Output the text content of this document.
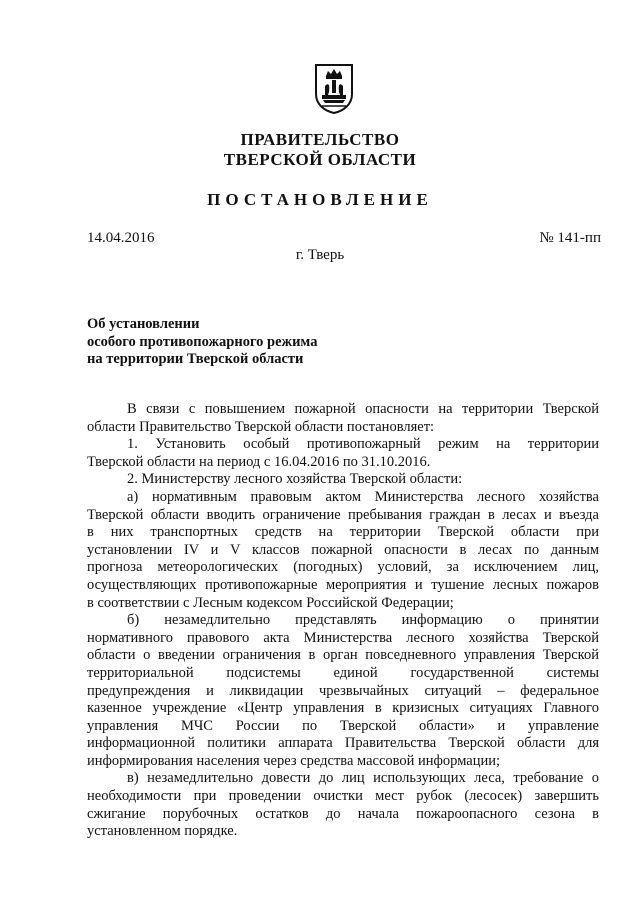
ПРАВИТЕЛЬСТВО
ТВЕРСКОЙ ОБЛАСТИ
ПОСТАНОВЛЕНИЕ
14.04.2016	№ 141-пп
г. Тверь
Об установлении
особого противопожарного режима
на территории Тверской области
В связи с повышением пожарной опасности на территории Тверской
области Правительство Тверской области постановляет:
1. Установить особый противопожарный режим на территории
Тверской области на период с 16.04.2016 по 31.10.2016.
2. Министерству лесного хозяйства Тверской области:
а) нормативным правовым актом Министерства лесного хозяйства
Тверской области вводить ограничение пребывания граждан в лесах и въезда
в них транспортных средств на территории Тверской области при
установлении IV и V классов пожарной опасности в лесах по данным
прогноза метеорологических (погодных) условий, за исключением лиц,
осуществляющих противопожарные мероприятия и тушение лесных пожаров
в соответствии с Лесным кодексом Российской Федерации;
б) незамедлительно представлять информацию о принятии
нормативного правового акта Министерства лесного хозяйства Тверской
области о введении ограничения в орган повседневного управления Тверской
территориальной подсистемы единой государственной системы
предупреждения и ликвидации чрезвычайных ситуаций – федеральное
казенное учреждение «Центр управления в кризисных ситуациях Главного
управления МЧС России по Тверской области» и управление
информационной политики аппарата Правительства Тверской области для
информирования населения через средства массовой информации;
в) незамедлительно довести до лиц использующих леса, требование о
необходимости при проведении очистки мест рубок (лесосек) завершить
сжигание порубочных остатков до начала пожароопасного сезона в
установленном порядке.
